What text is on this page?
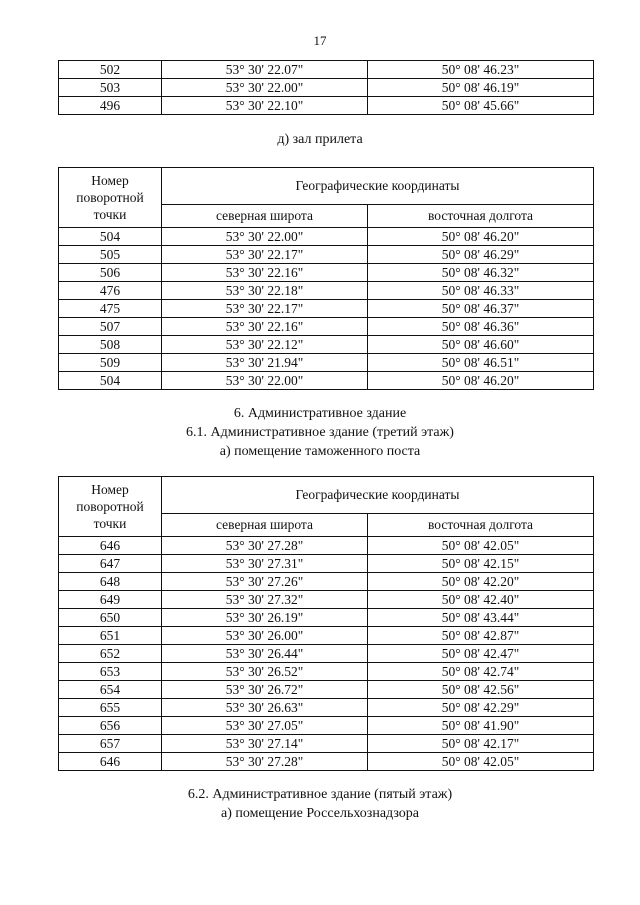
17
502	53° 30' 22.07"	50° 08' 46.23"
503	53° 30' 22.00"	50° 08' 46.19"
496	53° 30' 22.10"	50° 08' 45.66"
д) зал прилета
Номер поворотной точки	Географические координаты	
	северная широта	восточная долгота
504	53° 30' 22.00"	50° 08' 46.20"
505	53° 30' 22.17"	50° 08' 46.29"
506	53° 30' 22.16"	50° 08' 46.32"
476	53° 30' 22.18"	50° 08' 46.33"
475	53° 30' 22.17"	50° 08' 46.37"
507	53° 30' 22.16"	50° 08' 46.36"
508	53° 30' 22.12"	50° 08' 46.60"
509	53° 30' 21.94"	50° 08' 46.51"
504	53° 30' 22.00"	50° 08' 46.20"
6. Административное здание
6.1. Административное здание (третий этаж)
а) помещение таможенного поста
Номер поворотной точки	Географические координаты	
	северная широта	восточная долгота
646	53° 30' 27.28"	50° 08' 42.05"
647	53° 30' 27.31"	50° 08' 42.15"
648	53° 30' 27.26"	50° 08' 42.20"
649	53° 30' 27.32"	50° 08' 42.40"
650	53° 30' 26.19"	50° 08' 43.44"
651	53° 30' 26.00"	50° 08' 42.87"
652	53° 30' 26.44"	50° 08' 42.47"
653	53° 30' 26.52"	50° 08' 42.74"
654	53° 30' 26.72"	50° 08' 42.56"
655	53° 30' 26.63"	50° 08' 42.29"
656	53° 30' 27.05"	50° 08' 41.90"
657	53° 30' 27.14"	50° 08' 42.17"
646	53° 30' 27.28"	50° 08' 42.05"
6.2. Административное здание (пятый этаж)
а) помещение Россельхознадзора
